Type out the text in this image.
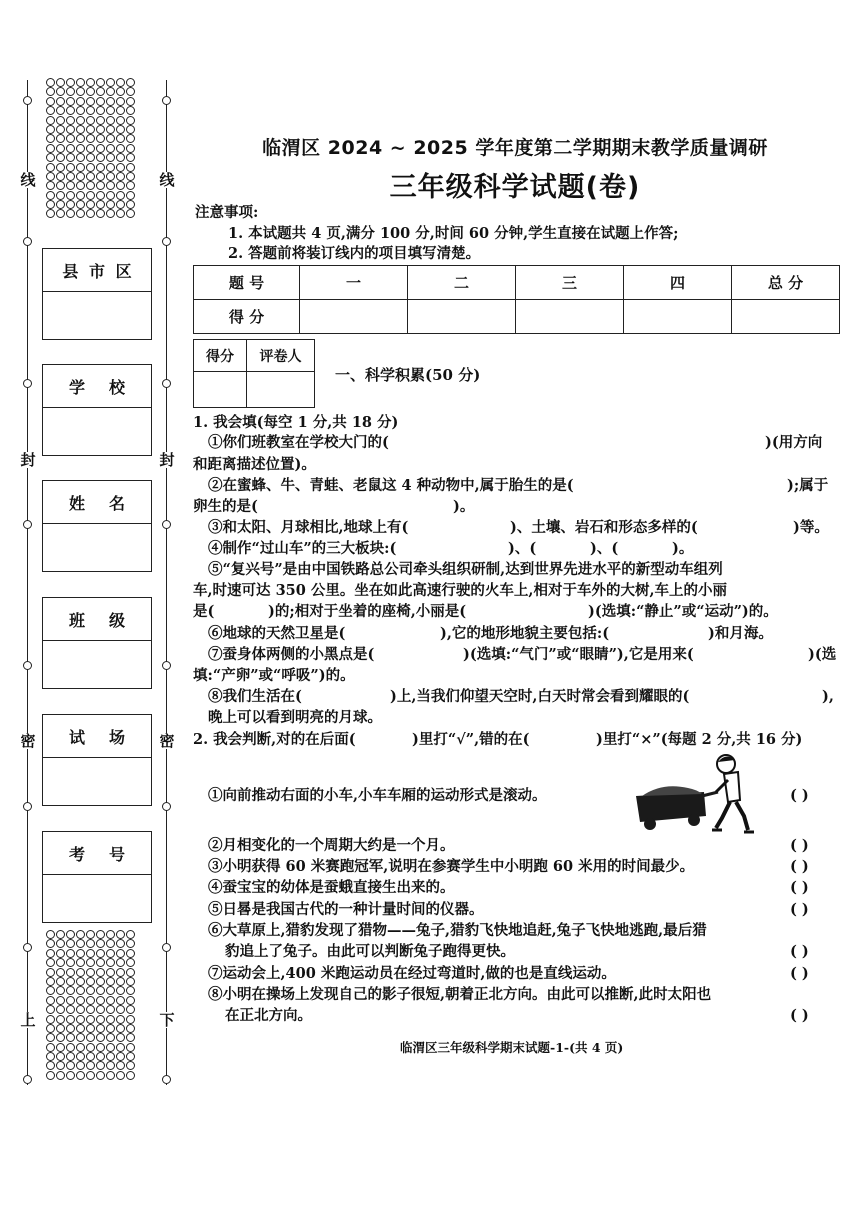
线
封
密
上
线
封
密
下
县 市 区
学 校
姓 名
班 级
试 场
考 号
临渭区 2024 ~ 2025 学年度第二学期期末教学质量调研
三年级科学试题(卷)
注意事项:
1. 本试题共 4 页,满分 100 分,时间 60 分钟,学生直接在试题上作答;
2. 答题前将装订线内的项目填写清楚。
题 号	一	二	三	四	总 分
得 分					
得分	评卷人

一、科学积累(50 分)
1. 我会填(每空 1 分,共 18 分)
①你们班教室在学校大门的(	)(用方向
和距离描述位置)。
②在蜜蜂、牛、青蛙、老鼠这 4 种动物中,属于胎生的是(	);属于
卵生的是(	)。
③和太阳、月球相比,地球上有(	)、土壤、岩石和形态多样的(	)等。
④制作“过山车”的三大板块:(	)、(	)、(	)。
⑤“复兴号”是由中国铁路总公司牵头组织研制,达到世界先进水平的新型动车组列
车,时速可达 350 公里。坐在如此高速行驶的火车上,相对于车外的大树,车上的小丽
是(	)的;相对于坐着的座椅,小丽是(	)(选填:“静止”或“运动”)的。
⑥地球的天然卫星是(	),它的地形地貌主要包括:(	)和月海。
⑦蚕身体两侧的小黑点是(	)(选填:“气门”或“眼睛”),它是用来(	)(选
填:“产卵”或“呼吸”)的。
⑧我们生活在(	)上,当我们仰望天空时,白天时常会看到耀眼的(	),
晚上可以看到明亮的月球。
2. 我会判断,对的在后面(	)里打“√”,错的在(	)里打“×”(每题 2 分,共 16 分)
①向前推动右面的小车,小车车厢的运动形式是滚动。	( )
②月相变化的一个周期大约是一个月。	( )
③小明获得 60 米赛跑冠军,说明在参赛学生中小明跑 60 米用的时间最少。	( )
④蚕宝宝的幼体是蚕蛾直接生出来的。	( )
⑤日晷是我国古代的一种计量时间的仪器。	( )
⑥大草原上,猎豹发现了猎物——兔子,猎豹飞快地追赶,兔子飞快地逃跑,最后猎
豹追上了兔子。由此可以判断兔子跑得更快。	( )
⑦运动会上,400 米跑运动员在经过弯道时,做的也是直线运动。	( )
⑧小明在操场上发现自己的影子很短,朝着正北方向。由此可以推断,此时太阳也
在正北方向。	( )
临渭区三年级科学期末试题-1-(共 4 页)
